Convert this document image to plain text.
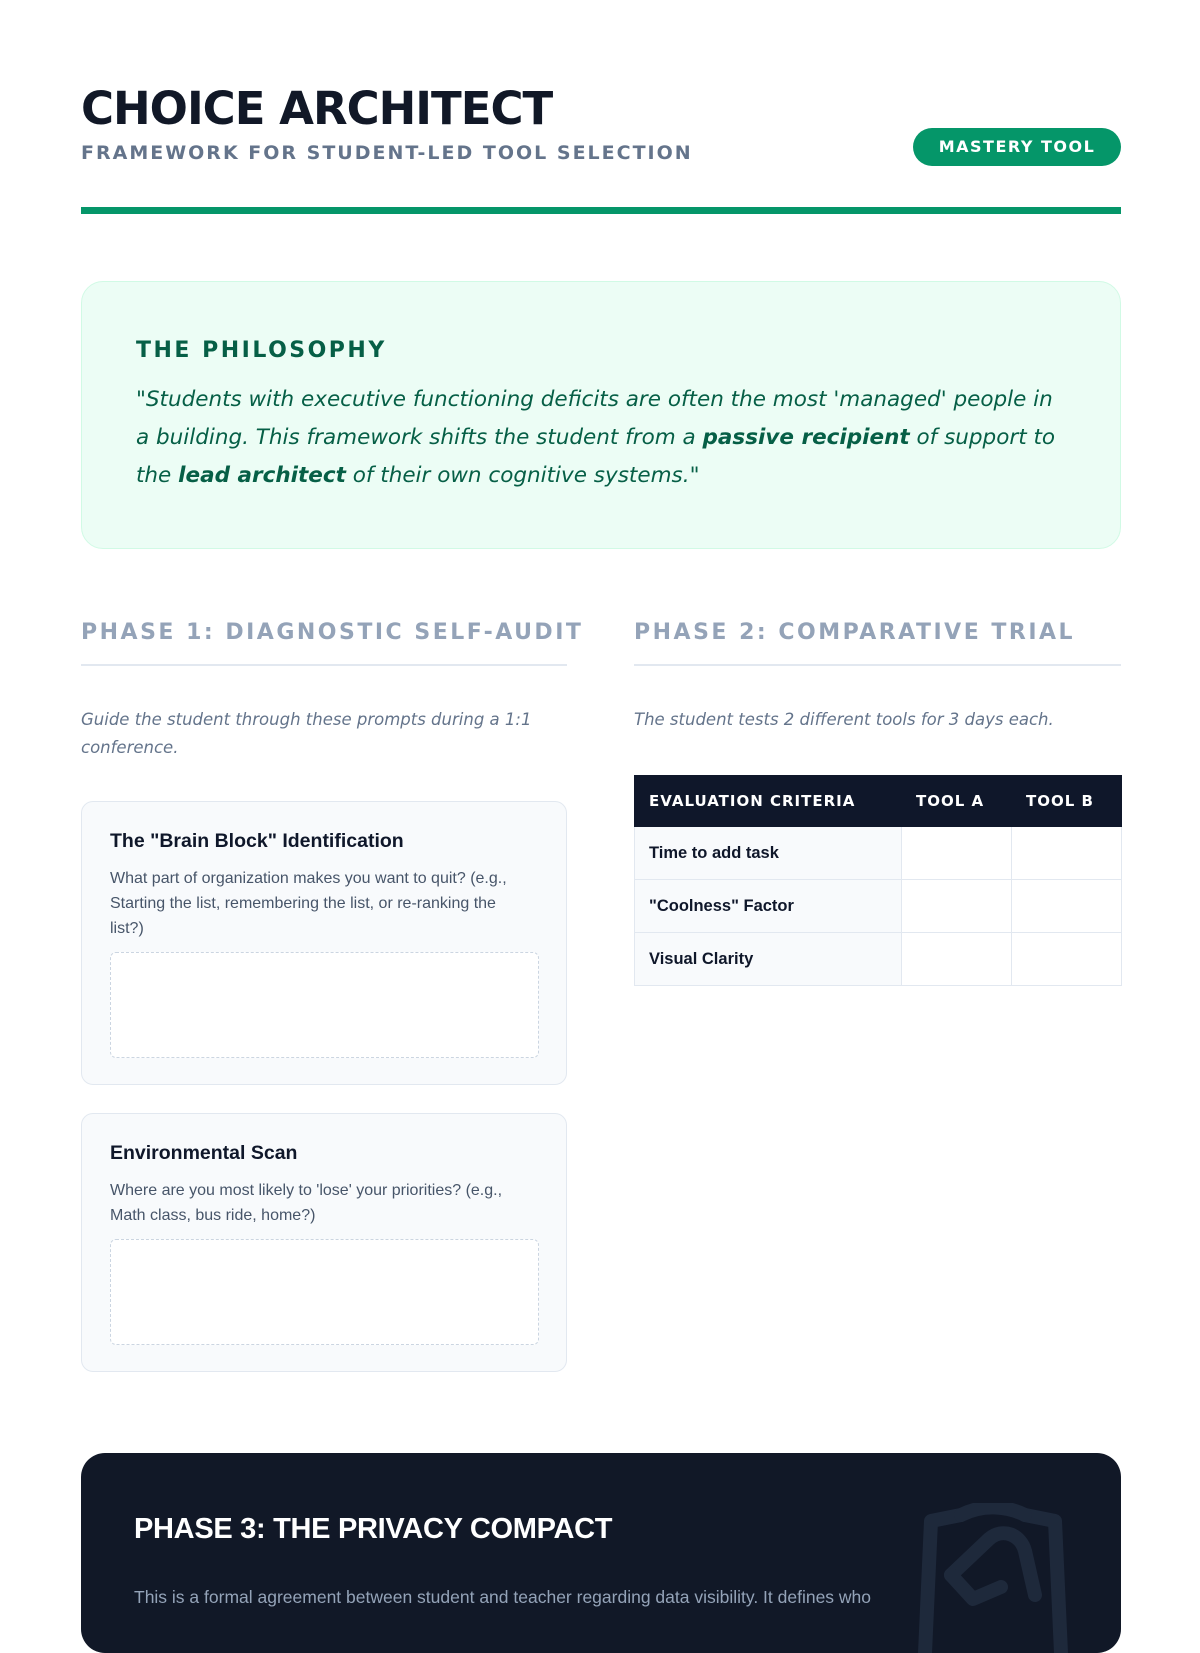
CHOICE ARCHITECT
FRAMEWORK FOR STUDENT-LED TOOL SELECTION	MASTERY TOOL
THE PHILOSOPHY

"Students with executive functioning deficits are often the most 'managed' people in a building. This framework shifts the student from a passive recipient of support to the lead architect of their own cognitive systems."

PHASE 1: DIAGNOSTIC SELF-AUDIT
Guide the student through these prompts during a 1:1 conference.
The "Brain Block" Identification
What part of organization makes you want to quit? (e.g., Starting the list, remembering the list, or re-ranking the list?)
Environmental Scan
Where are you most likely to 'lose' your priorities? (e.g., Math class, bus ride, home?)
PHASE 2: COMPARATIVE TRIAL
The student tests 2 different tools for 3 days each.
EVALUATION CRITERIA	TOOL A	TOOL B
Time to add task		
"Coolness" Factor		
Visual Clarity		
PHASE 3: THE PRIVACY COMPACT
This is a formal agreement between student and teacher regarding data visibility. It defines who
